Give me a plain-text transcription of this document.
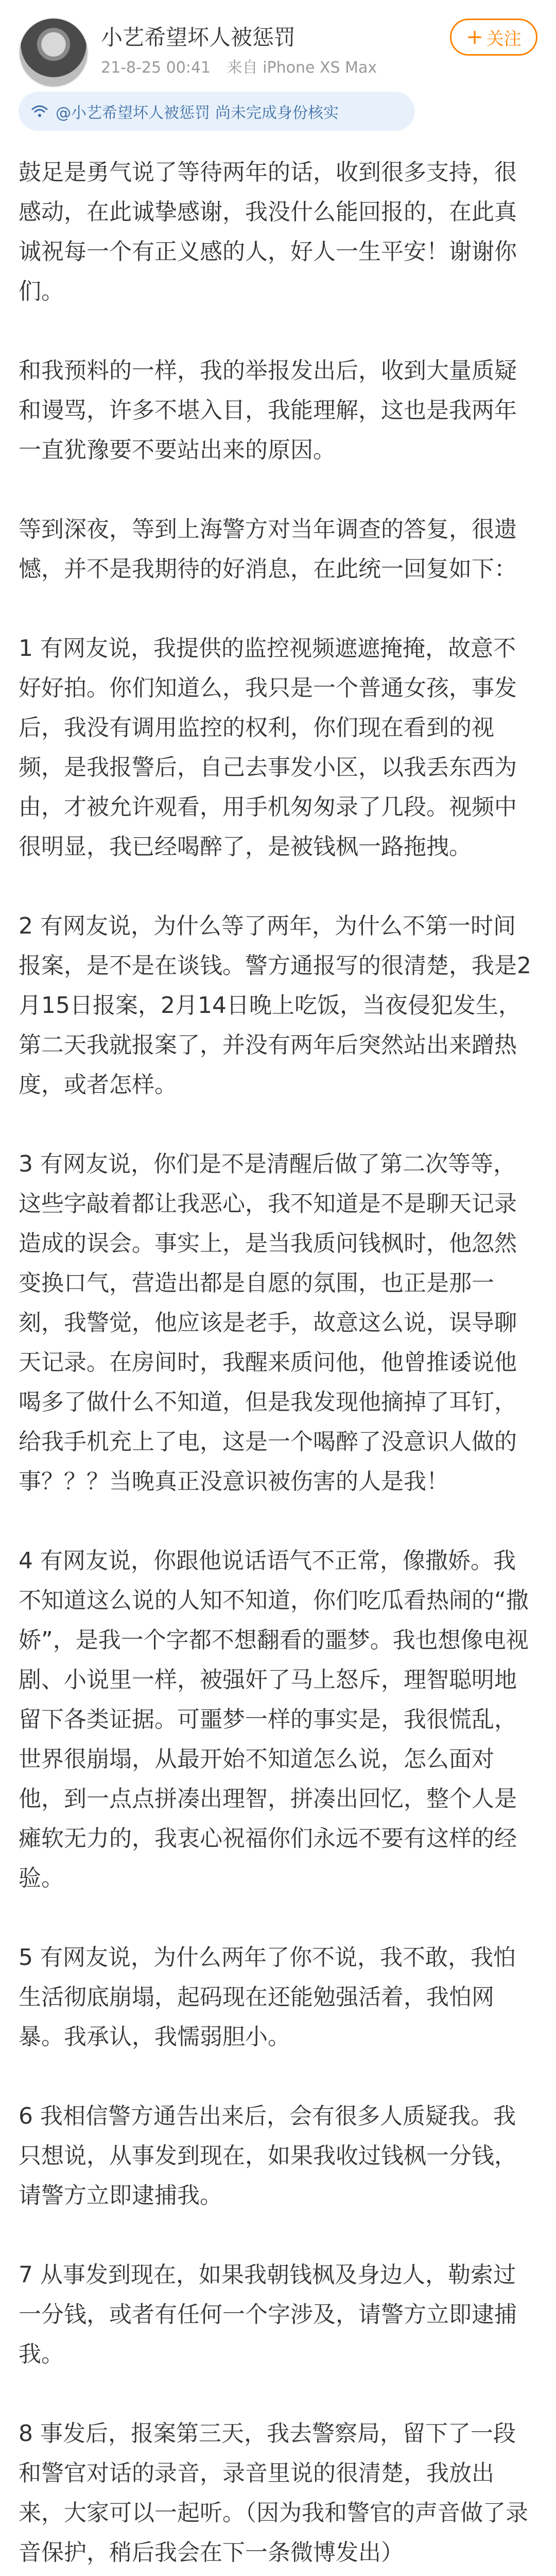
小艺希望坏人被惩罚
21-8-25 00:41 来自 iPhone XS Max
+ 关注
@小艺希望坏人被惩罚 尚未完成身份核实

鼓足是勇气说了等待两年的话，收到很多支持，很感动，在此诚挚感谢，我没什么能回报的，在此真诚祝每一个有正义感的人，好人一生平安！谢谢你们。

和我预料的一样，我的举报发出后，收到大量质疑和谩骂，许多不堪入目，我能理解，这也是我两年一直犹豫要不要站出来的原因。

等到深夜，等到上海警方对当年调查的答复，很遗憾，并不是我期待的好消息，在此统一回复如下：

1 有网友说，我提供的监控视频遮遮掩掩，故意不好好拍。你们知道么，我只是一个普通女孩，事发后，我没有调用监控的权利，你们现在看到的视频，是我报警后，自己去事发小区，以我丢东西为由，才被允许观看，用手机匆匆录了几段。视频中很明显，我已经喝醉了，是被钱枫一路拖拽。

2 有网友说，为什么等了两年，为什么不第一时间报案，是不是在谈钱。警方通报写的很清楚，我是2月15日报案，2月14日晚上吃饭，当夜侵犯发生，第二天我就报案了，并没有两年后突然站出来蹭热度，或者怎样。

3 有网友说，你们是不是清醒后做了第二次等等，这些字敲着都让我恶心，我不知道是不是聊天记录造成的误会。事实上，是当我质问钱枫时，他忽然变换口气，营造出都是自愿的氛围，也正是那一刻，我警觉，他应该是老手，故意这么说，误导聊天记录。在房间时，我醒来质问他，他曾推诿说他喝多了做什么不知道，但是我发现他摘掉了耳钉，给我手机充上了电，这是一个喝醉了没意识人做的事？？？当晚真正没意识被伤害的人是我！

4 有网友说，你跟他说话语气不正常，像撒娇。我不知道这么说的人知不知道，你们吃瓜看热闹的“撒娇”，是我一个字都不想翻看的噩梦。我也想像电视剧、小说里一样，被强奸了马上怒斥，理智聪明地留下各类证据。可噩梦一样的事实是，我很慌乱，世界很崩塌，从最开始不知道怎么说，怎么面对他，到一点点拼凑出理智，拼凑出回忆，整个人是瘫软无力的，我衷心祝福你们永远不要有这样的经验。

5 有网友说，为什么两年了你不说，我不敢，我怕生活彻底崩塌，起码现在还能勉强活着，我怕网暴。我承认，我懦弱胆小。

6 我相信警方通告出来后，会有很多人质疑我。我只想说，从事发到现在，如果我收过钱枫一分钱，请警方立即逮捕我。

7 从事发到现在，如果我朝钱枫及身边人，勒索过一分钱，或者有任何一个字涉及，请警方立即逮捕我。

8 事发后，报案第三天，我去警察局，留下了一段和警官对话的录音，录音里说的很清楚，我放出来，大家可以一起听。（因为我和警官的声音做了录音保护，稍后我会在下一条微博发出）
